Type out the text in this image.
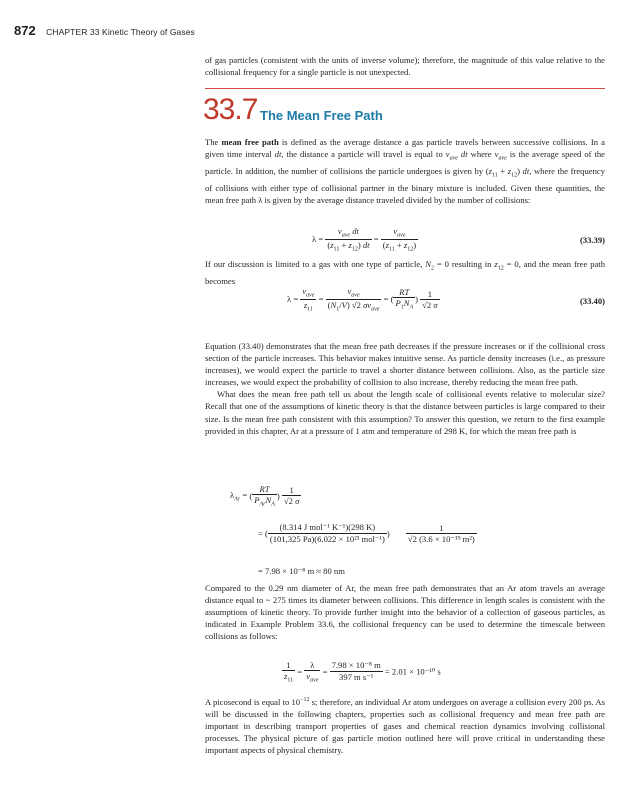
872 CHAPTER 33 Kinetic Theory of Gases

of gas particles (consistent with the units of inverse volume); therefore, the magnitude of this value relative to the collisional frequency for a single particle is not unexpected.

33.7 The Mean Free Path

The mean free path is defined as the average distance a gas particle travels between successive collisions. In a given time interval dt, the distance a particle will travel is equal to $\nu_{ave}$ dt where $\nu_{ave}$ is the average speed of the particle. In addition, the number of collisions the particle undergoes is given by $(z_{11} + z_{12})$ dt, where the frequency of collisions with either type of collisional partner in the binary mixture is included. Given these quantities, the mean free path λ is given by the average distance traveled divided by the number of collisions:

$\lambda = \frac{\nu_{ave} dt}{(z_{11} + z_{12}) dt} = \frac{\nu_{ave}}{(z_{11} + z_{12})}$	(33.39)

If our discussion is limited to a gas with one type of particle, $N_2 = 0$ resulting in $z_{12} = 0$, and the mean free path becomes

$\lambda = \frac{\nu_{ave}}{z_{11}} = \frac{\nu_{ave}}{(N_1/V) √2 \sigma\nu_{ave}}$ = ( $\frac{RT}{P_1N_A}$ ) $\frac{1}{√2 \sigma}$	(33.40)

Equation (33.40) demonstrates that the mean free path decreases if the pressure increases or if the collisional cross section of the particle increases. This behavior makes intuitive sense. As particle density increases (i.e., as pressure increases), we would expect the particle to travel a shorter distance between collisions. Also, as the particle size increases, we would expect the probability of collision to also increase, thereby reducing the mean free path.

What does the mean free path tell us about the length scale of collisional events relative to molecular size? Recall that one of the assumptions of kinetic theory is that the distance between particles is large compared to their size. Is the mean free path consistent with this assumption? To answer this question, we return to the first example provided in this chapter, Ar at a pressure of 1 atm and temperature of 298 K, for which the mean free path is

$\lambda_{Ar}$ = ( $\frac{RT}{P_{Ar}N_A}$ ) $\frac{1}{√2 \sigma}$
= ( $\frac{\text{(8.314 J mol⁻¹ K⁻¹)(298 K)}}{\text{(101,325 Pa)(6.022 × 10²³ mol⁻¹)}}$ ) $\frac{1}{\text{√2 (3.6 × 10⁻¹⁹ m²)}}$
= 7.98 × 10⁻⁸ m ≈ 80 nm

Compared to the 0.29 nm diameter of Ar, the mean free path demonstrates that an Ar atom travels an average distance equal to ~ 275 times its diameter between collisions. This difference in length scales is consistent with the assumptions of kinetic theory. To provide further insight into the behavior of a collection of gaseous particles, as indicated in Example Problem 33.6, the collisional frequency can be used to determine the timescale between collisions as follows:

$\frac{1}{z_{11}} = \frac{\lambda}{\nu_{ave}} = \frac{\text{7.98 × 10⁻⁸ m}}{\text{397 m s⁻¹}} = 2.01 \times 10^{-10}$ s

A picosecond is equal to $10^{-12}$ s; therefore, an individual Ar atom undergoes on average a collision every 200 ps. As will be discussed in the following chapters, properties such as collisional frequency and mean free path are important in describing transport properties of gases and chemical reaction dynamics involving collisional processes. The physical picture of gas particle motion outlined here will prove critical in understanding these important aspects of physical chemistry.
